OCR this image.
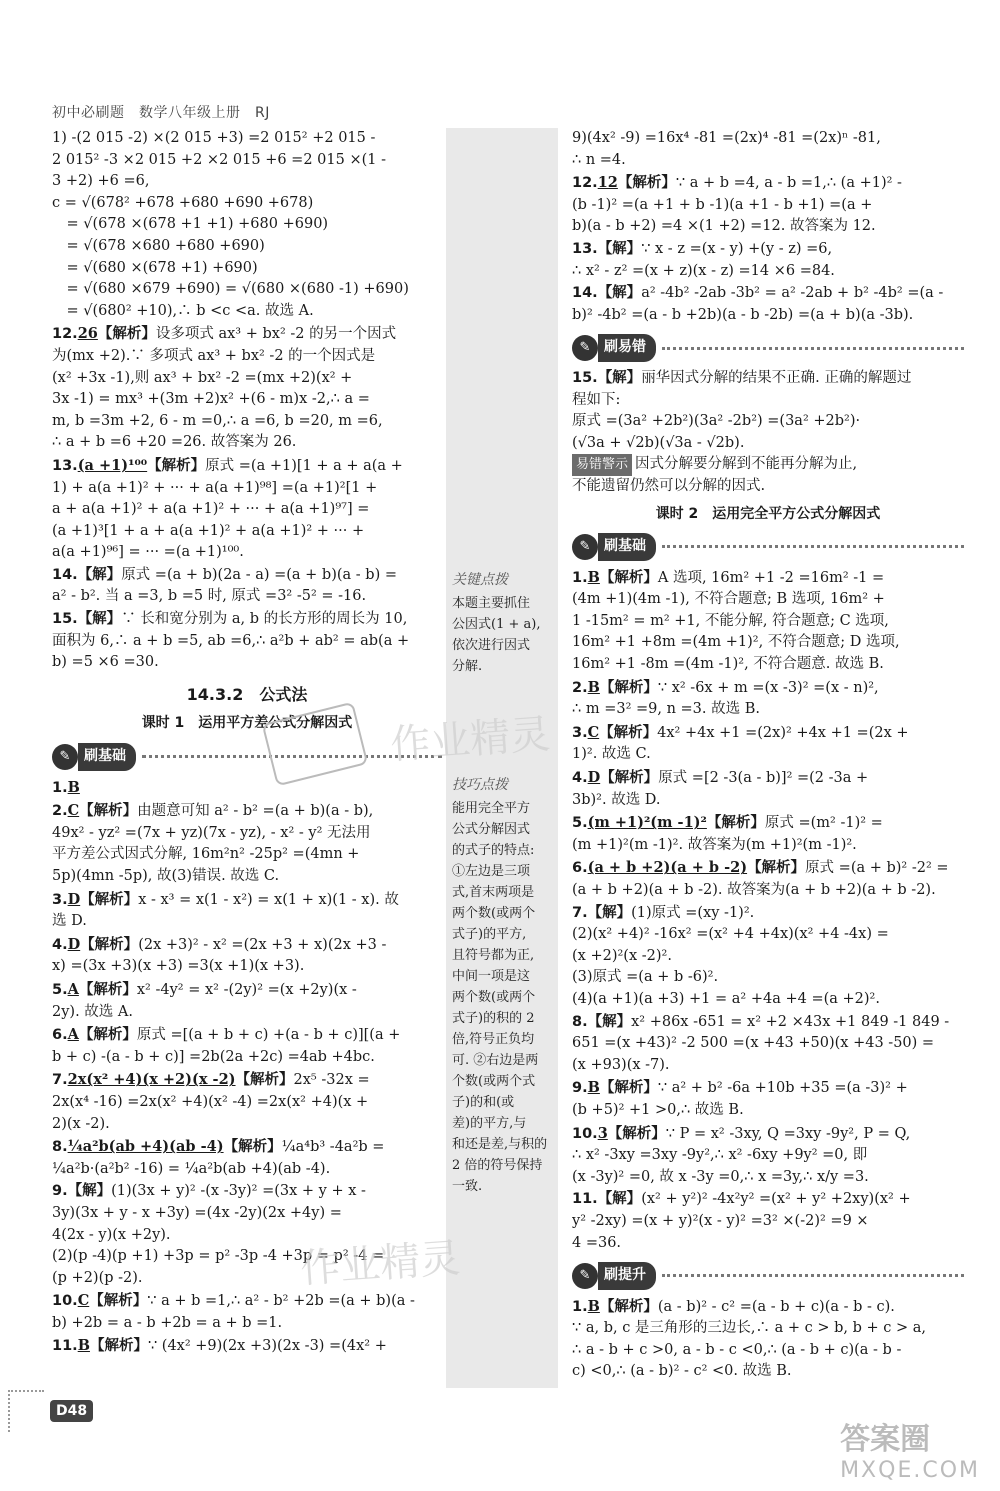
初中必刷题　数学八年级上册　RJ
关键点拨
本题主要抓住
公因式(1 + a),
依次进行因式
分解.
技巧点拨
能用完全平方
公式分解因式
的式子的特点:
①左边是三项
式,首末两项是
两个数(或两个
式子)的平方,
且符号都为正,
中间一项是这
两个数(或两个
式子)的积的 2
倍,符号正负均
可. ②右边是两
个数(或两个式
子)的和(或
差)的平方,与
和还是差,与积的
2 倍的符号保持
一致.
1) -(2 015 -2) ×(2 015 +3) =2 015² +2 015 -
2 015² -3 ×2 015 +2 ×2 015 +6 =2 015 ×(1 -
3 +2) +6 =6,
c = √(678² +678 +680 +690 +678)
　= √(678 ×(678 +1 +1) +680 +690)
　= √(678 ×680 +680 +690)
　= √(680 ×(678 +1) +690)
　= √(680 ×679 +690) = √(680 ×(680 -1) +690)
　= √(680² +10),∴ b <c <a. 故选 A.
12.26【解析】设多项式 ax³ + bx² -2 的另一个因式
为(mx +2).∵ 多项式 ax³ + bx² -2 的一个因式是
(x² +3x -1),则 ax³ + bx² -2 =(mx +2)(x² +
3x -1) = mx³ +(3m +2)x² +(6 - m)x -2,∴ a =
m, b =3m +2, 6 - m =0,∴ a =6, b =20, m =6,
∴ a + b =6 +20 =26. 故答案为 26.
13.(a +1)¹⁰⁰【解析】原式 =(a +1)[1 + a + a(a +
1) + a(a +1)² + ··· + a(a +1)⁹⁸] =(a +1)²[1 +
a + a(a +1)² + a(a +1)² + ··· + a(a +1)⁹⁷] =
(a +1)³[1 + a + a(a +1)² + a(a +1)² + ··· +
a(a +1)⁹⁶] = ··· =(a +1)¹⁰⁰.
14.【解】原式 =(a + b)(2a - a) =(a + b)(a - b) =
a² - b². 当 a =3, b =5 时, 原式 =3² -5² = -16.
15.【解】∵ 长和宽分别为 a, b 的长方形的周长为 10,
面积为 6,∴ a + b =5, ab =6,∴ a²b + ab² = ab(a +
b) =5 ×6 =30.
14.3.2　公式法
课时 1　运用平方差公式分解因式
✎ 刷基础
1.B
2.C【解析】由题意可知 a² - b² =(a + b)(a - b),
49x² - yz² =(7x + yz)(7x - yz), - x² - y² 无法用
平方差公式因式分解, 16m²n² -25p² =(4mn +
5p)(4mn -5p), 故(3)错误. 故选 C.
3.D【解析】x - x³ = x(1 - x²) = x(1 + x)(1 - x). 故
选 D.
4.D【解析】(2x +3)² - x² =(2x +3 + x)(2x +3 -
x) =(3x +3)(x +3) =3(x +1)(x +3).
5.A【解析】x² -4y² = x² -(2y)² =(x +2y)(x -
2y). 故选 A.
6.A【解析】原式 =[(a + b + c) +(a - b + c)][(a +
b + c) -(a - b + c)] =2b(2a +2c) =4ab +4bc.
7.2x(x² +4)(x +2)(x -2)【解析】2x⁵ -32x =
2x(x⁴ -16) =2x(x² +4)(x² -4) =2x(x² +4)(x +
2)(x -2).
8.¼a²b(ab +4)(ab -4)【解析】¼a⁴b³ -4a²b =
¼a²b·(a²b² -16) = ¼a²b(ab +4)(ab -4).
9.【解】(1)(3x + y)² -(x -3y)² =(3x + y + x -
3y)(3x + y - x +3y) =(4x -2y)(2x +4y) =
4(2x - y)(x +2y).
(2)(p -4)(p +1) +3p = p² -3p -4 +3p = p² -4 =
(p +2)(p -2).
10.C【解析】∵ a + b =1,∴ a² - b² +2b =(a + b)(a -
b) +2b = a - b +2b = a + b =1.
11.B【解析】∵ (4x² +9)(2x +3)(2x -3) =(4x² +
9)(4x² -9) =16x⁴ -81 =(2x)⁴ -81 =(2x)ⁿ -81,
∴ n =4.
12.12【解析】∵ a + b =4, a - b =1,∴ (a +1)² -
(b -1)² =(a +1 + b -1)(a +1 - b +1) =(a +
b)(a - b +2) =4 ×(1 +2) =12. 故答案为 12.
13.【解】∵ x - z =(x - y) +(y - z) =6,
∴ x² - z² =(x + z)(x - z) =14 ×6 =84.
14.【解】a² -4b² -2ab -3b² = a² -2ab + b² -4b² =(a -
b)² -4b² =(a - b +2b)(a - b -2b) =(a + b)(a -3b).
✎ 刷易错
15.【解】丽华因式分解的结果不正确. 正确的解题过
程如下:
原式 =(3a² +2b²)(3a² -2b²) =(3a² +2b²)·
(√3a + √2b)(√3a - √2b).
易错警示 因式分解要分解到不能再分解为止,
不能遗留仍然可以分解的因式.
课时 2　运用完全平方公式分解因式
✎ 刷基础
1.B【解析】A 选项, 16m² +1 -2 =16m² -1 =
(4m +1)(4m -1), 不符合题意; B 选项, 16m² +
1 -15m² = m² +1, 不能分解, 符合题意; C 选项,
16m² +1 +8m =(4m +1)², 不符合题意; D 选项,
16m² +1 -8m =(4m -1)², 不符合题意. 故选 B.
2.B【解析】∵ x² -6x + m =(x -3)² =(x - n)²,
∴ m =3² =9, n =3. 故选 B.
3.C【解析】4x² +4x +1 =(2x)² +4x +1 =(2x +
1)². 故选 C.
4.D【解析】原式 =[2 -3(a - b)]² =(2 -3a +
3b)². 故选 D.
5.(m +1)²(m -1)²【解析】原式 =(m² -1)² =
(m +1)²(m -1)². 故答案为(m +1)²(m -1)².
6.(a + b +2)(a + b -2)【解析】原式 =(a + b)² -2² =
(a + b +2)(a + b -2). 故答案为(a + b +2)(a + b -2).
7.【解】(1)原式 =(xy -1)².
(2)(x² +4)² -16x² =(x² +4 +4x)(x² +4 -4x) =
(x +2)²(x -2)².
(3)原式 =(a + b -6)².
(4)(a +1)(a +3) +1 = a² +4a +4 =(a +2)².
8.【解】x² +86x -651 = x² +2 ×43x +1 849 -1 849 -
651 =(x +43)² -2 500 =(x +43 +50)(x +43 -50) =
(x +93)(x -7).
9.B【解析】∵ a² + b² -6a +10b +35 =(a -3)² +
(b +5)² +1 >0,∴ 故选 B.
10.3【解析】∵ P = x² -3xy, Q =3xy -9y², P = Q,
∴ x² -3xy =3xy -9y²,∴ x² -6xy +9y² =0, 即
(x -3y)² =0, 故 x -3y =0,∴ x =3y,∴ x/y =3.
11.【解】(x² + y²)² -4x²y² =(x² + y² +2xy)(x² +
y² -2xy) =(x + y)²(x - y)² =3² ×(-2)² =9 ×
4 =36.
✎ 刷提升
1.B【解析】(a - b)² - c² =(a - b + c)(a - b - c).
∵ a, b, c 是三角形的三边长,∴ a + c > b, b + c > a,
∴ a - b + c >0, a - b - c <0,∴ (a - b + c)(a - b -
c) <0,∴ (a - b)² - c² <0. 故选 B.
作业精灵
作业精灵
D48
答案圈
MXQE.COM
